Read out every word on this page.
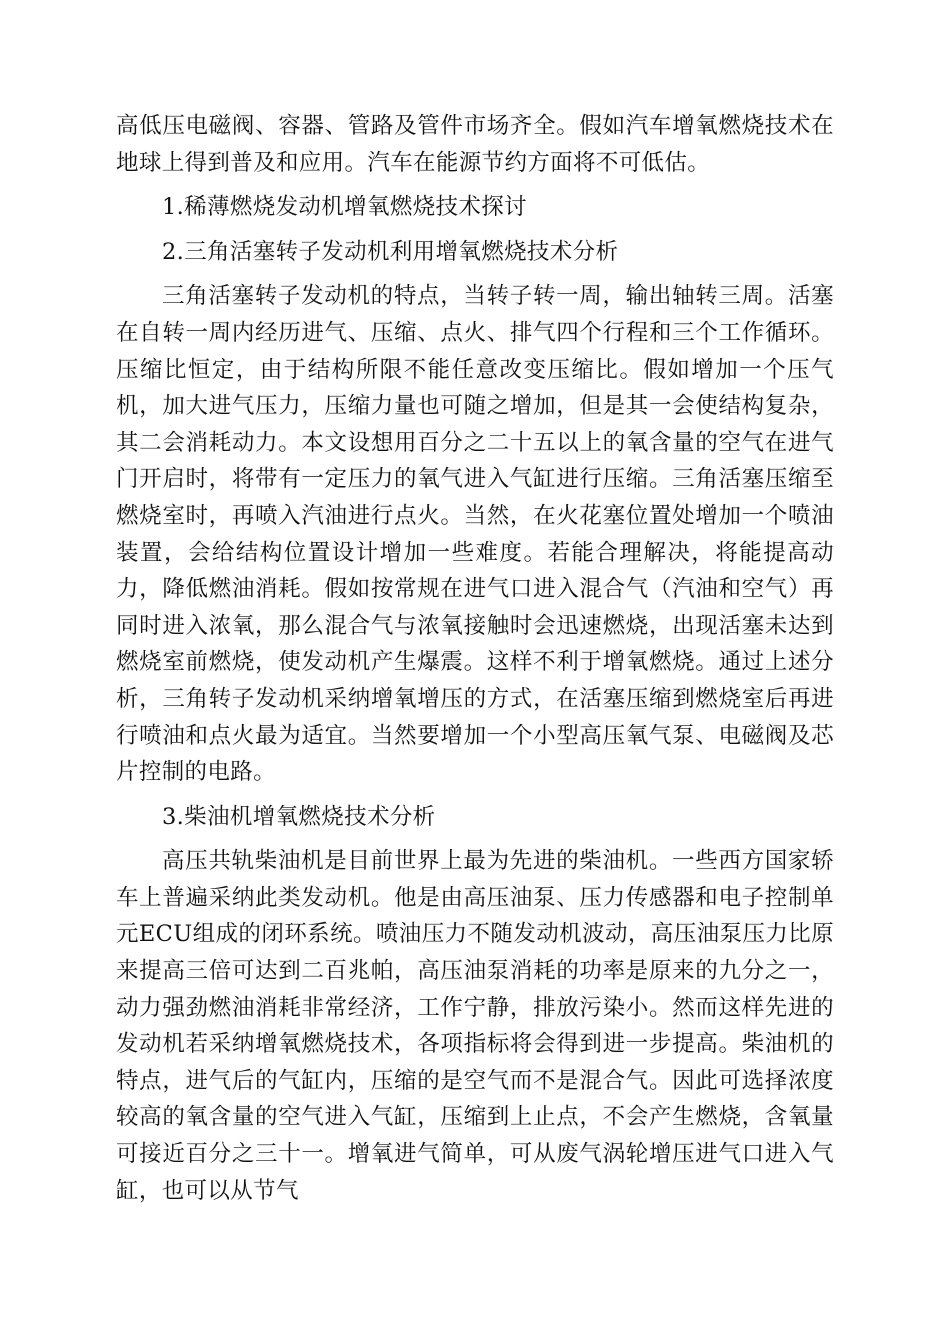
高低压电磁阀、容器、管路及管件市场齐全。假如汽车增氧燃烧技术在地球上得到普及和应用。汽车在能源节约方面将不可低估。

1.稀薄燃烧发动机增氧燃烧技术探讨

2.三角活塞转子发动机利用增氧燃烧技术分析

三角活塞转子发动机的特点，当转子转一周，输出轴转三周。活塞在自转一周内经历进气、压缩、点火、排气四个行程和三个工作循环。压缩比恒定，由于结构所限不能任意改变压缩比。假如增加一个压气机，加大进气压力，压缩力量也可随之增加，但是其一会使结构复杂，其二会消耗动力。本文设想用百分之二十五以上的氧含量的空气在进气门开启时，将带有一定压力的氧气进入气缸进行压缩。三角活塞压缩至燃烧室时，再喷入汽油进行点火。当然，在火花塞位置处增加一个喷油装置，会给结构位置设计增加一些难度。若能合理解决，将能提高动力，降低燃油消耗。假如按常规在进气口进入混合气（汽油和空气）再同时进入浓氧，那么混合气与浓氧接触时会迅速燃烧，出现活塞未达到燃烧室前燃烧，使发动机产生爆震。这样不利于增氧燃烧。通过上述分析，三角转子发动机采纳增氧增压的方式，在活塞压缩到燃烧室后再进行喷油和点火最为适宜。当然要增加一个小型高压氧气泵、电磁阀及芯片控制的电路。

3.柴油机增氧燃烧技术分析

高压共轨柴油机是目前世界上最为先进的柴油机。一些西方国家轿车上普遍采纳此类发动机。他是由高压油泵、压力传感器和电子控制单元ECU组成的闭环系统。喷油压力不随发动机波动，高压油泵压力比原来提高三倍可达到二百兆帕，高压油泵消耗的功率是原来的九分之一，动力强劲燃油消耗非常经济，工作宁静，排放污染小。然而这样先进的发动机若采纳增氧燃烧技术，各项指标将会得到进一步提高。柴油机的特点，进气后的气缸内，压缩的是空气而不是混合气。因此可选择浓度较高的氧含量的空气进入气缸，压缩到上止点，不会产生燃烧，含氧量可接近百分之三十一。增氧进气简单，可从废气涡轮增压进气口进入气缸，也可以从节气
